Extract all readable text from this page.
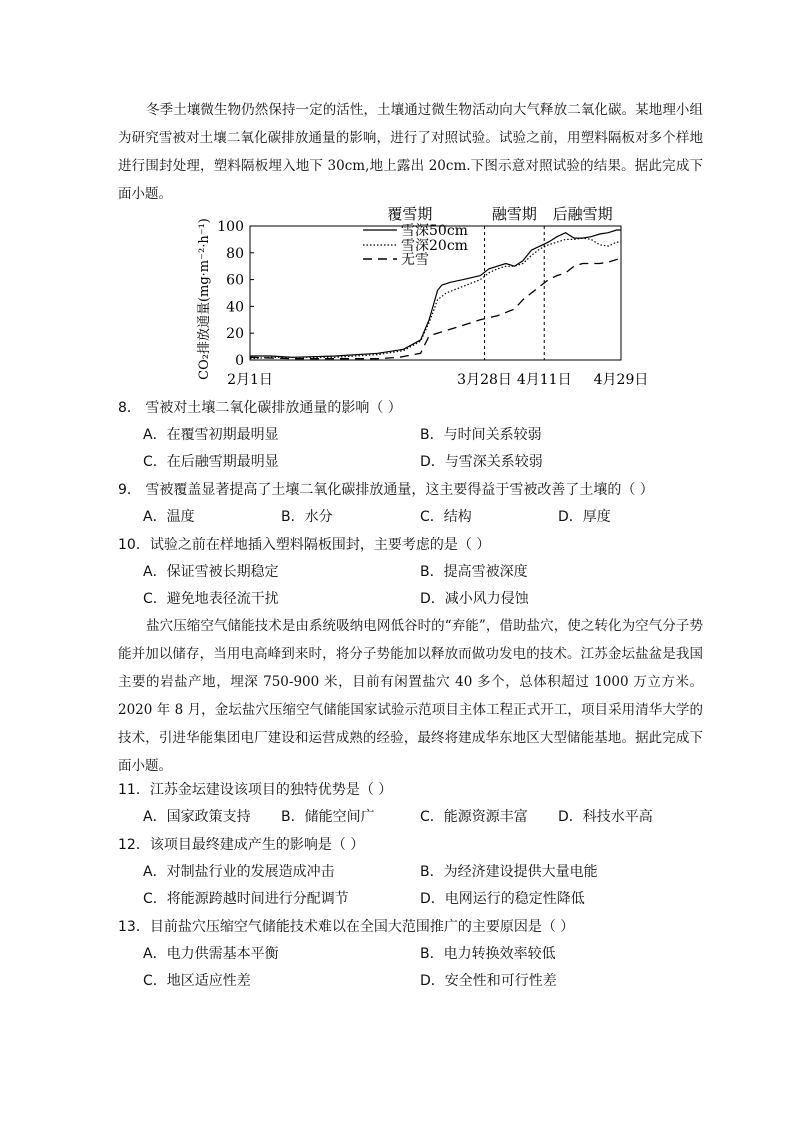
冬季土壤微生物仍然保持一定的活性，土壤通过微生物活动向大气释放二氧化碳。某地理小组为研究雪被对土壤二氧化碳排放通量的影响，进行了对照试验。试验之前，用塑料隔板对多个样地进行围封处理，塑料隔板埋入地下 30cm,地上露出 20cm.下图示意对照试验的结果。据此完成下面小题。
0
20
40
60
80
100
CO₂排放通量(mg·m⁻²·h⁻¹)
2月1日	3月28日 4月11日 4月29日
覆雪期	融雪期 后融雪期
雪深50cm
雪深20cm
无雪
8． 雪被对土壤二氧化碳排放通量的影响（ ）
A．在覆雪初期最明显	B．与时间关系较弱
C．在后融雪期最明显	D．与雪深关系较弱
9． 雪被覆盖显著提高了土壤二氧化碳排放通量，这主要得益于雪被改善了土壤的（ ）
A．温度	B．水分	C．结构	D．厚度
10．试验之前在样地插入塑料隔板围封，主要考虑的是（ ）
A．保证雪被长期稳定	B．提高雪被深度
C．避免地表径流干扰	D．减小风力侵蚀
盐穴压缩空气储能技术是由系统吸纳电网低谷时的“弃能”，借助盐穴，使之转化为空气分子势能并加以储存，当用电高峰到来时，将分子势能加以释放而做功发电的技术。江苏金坛盐盆是我国主要的岩盐产地，埋深 750-900 米，目前有闲置盐穴 40 多个，总体积超过 1000 万立方米。2020 年 8 月，金坛盐穴压缩空气储能国家试验示范项目主体工程正式开工，项目采用清华大学的技术，引进华能集团电厂建设和运营成熟的经验，最终将建成华东地区大型储能基地。据此完成下面小题。
11．江苏金坛建设该项目的独特优势是（ ）
A．国家政策支持 B．储能空间广	C．能源资源丰富 D．科技水平高
12．该项目最终建成产生的影响是（ ）
A．对制盐行业的发展造成冲击	B．为经济建设提供大量电能
C．将能源跨越时间进行分配调节	D．电网运行的稳定性降低
13．目前盐穴压缩空气储能技术难以在全国大范围推广的主要原因是（ ）
A．电力供需基本平衡	B．电力转换效率较低
C．地区适应性差	D．安全性和可行性差
